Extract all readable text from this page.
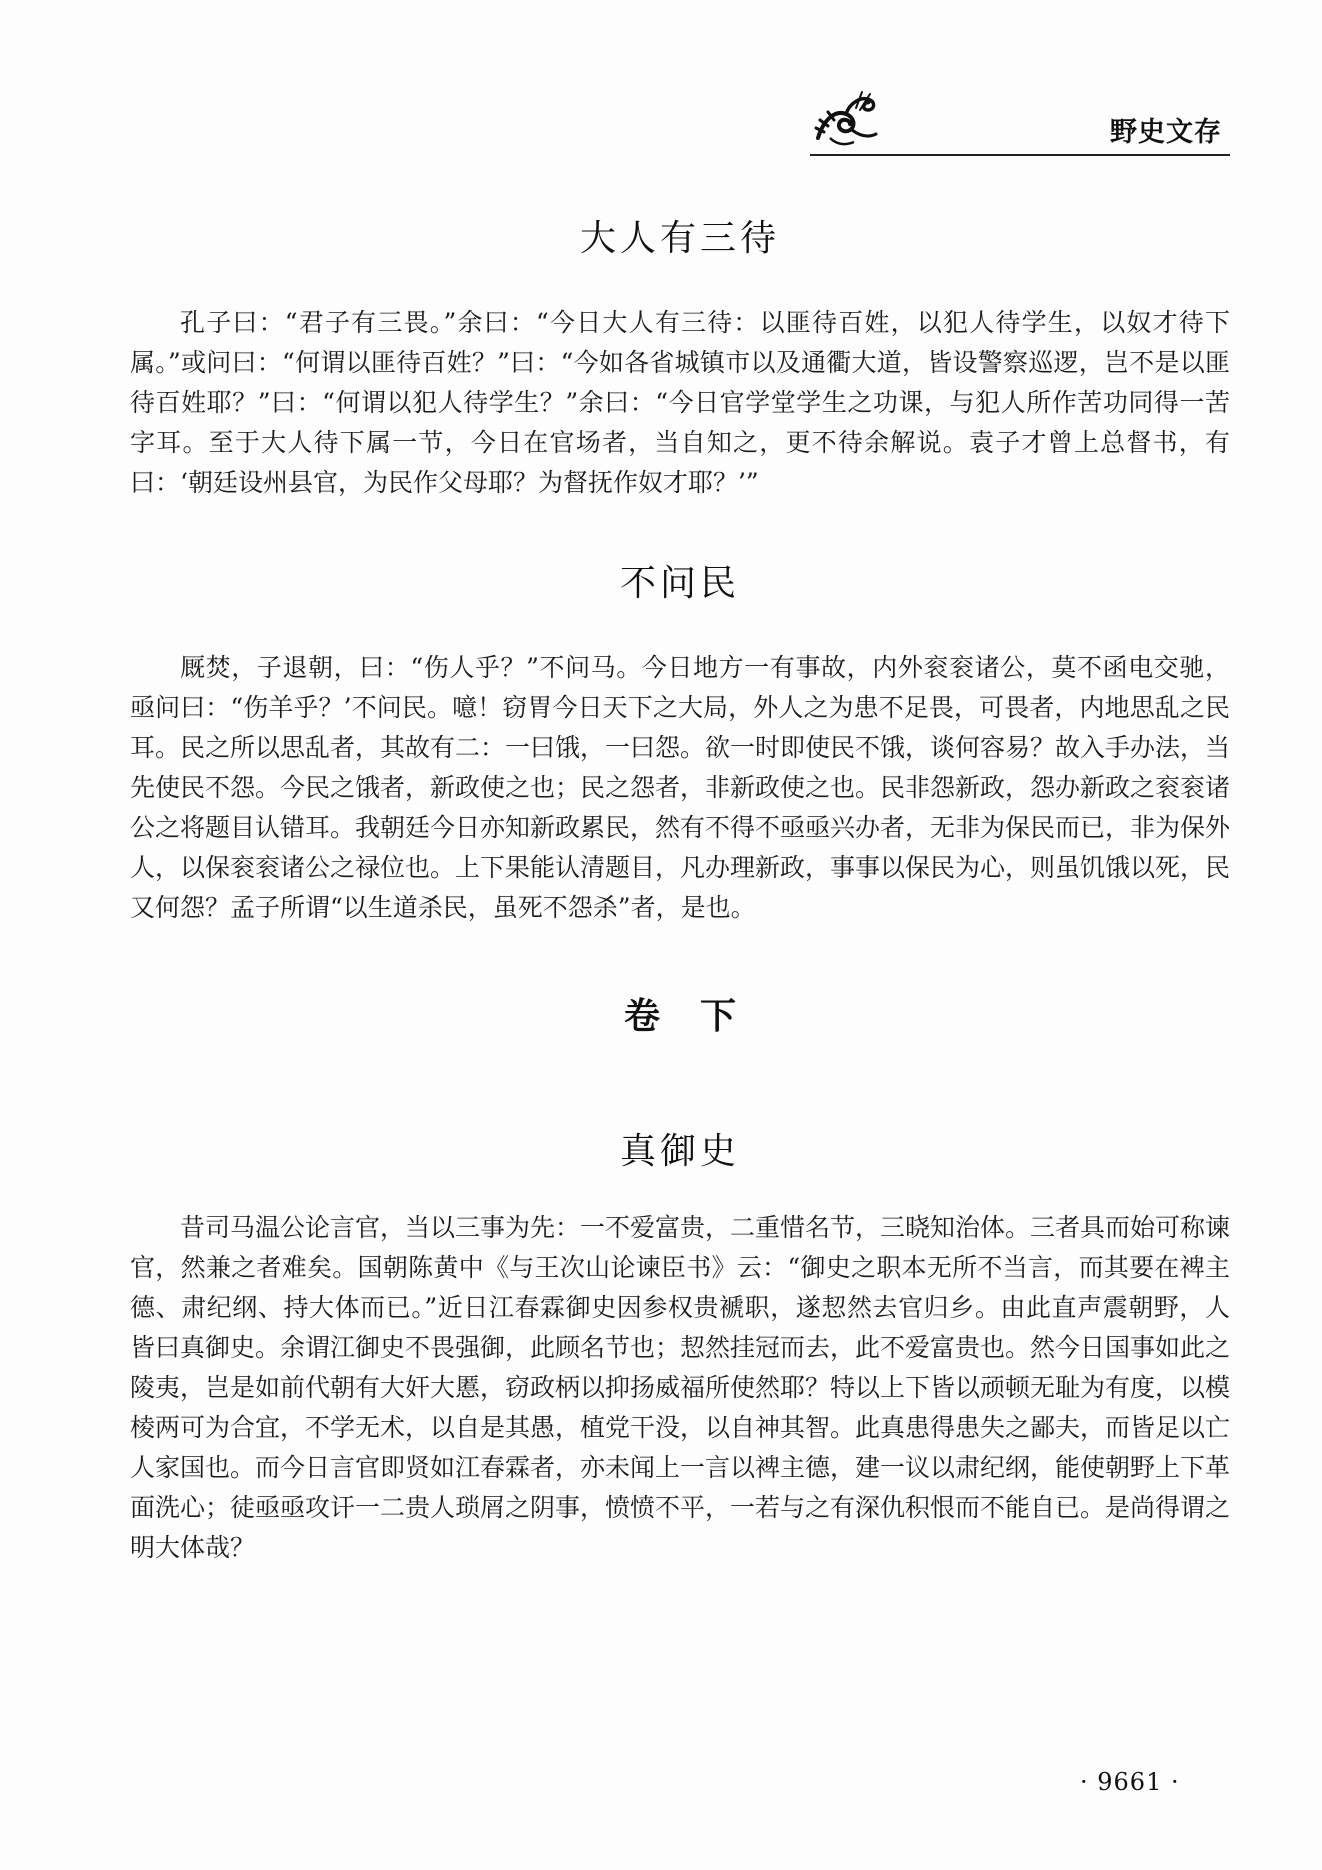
野史文存
大人有三待

孔子曰：“君子有三畏。”余曰：“今日大人有三待：以匪待百姓，以犯人待学生，以奴才待下属。”或问曰：“何谓以匪待百姓？”曰：“今如各省城镇市以及通衢大道，皆设警察巡逻，岂不是以匪待百姓耶？”曰：“何谓以犯人待学生？”余曰：“今日官学堂学生之功课，与犯人所作苦功同得一苦字耳。至于大人待下属一节，今日在官场者，当自知之，更不待余解说。袁子才曾上总督书，有曰：‘朝廷设州县官，为民作父母耶？为督抚作奴才耶？’”

不问民

厩焚，子退朝，曰：“伤人乎？”不问马。今日地方一有事故，内外衮衮诸公，莫不函电交驰，亟问曰：“伤羊乎？’不问民。噫！窃胃今日天下之大局，外人之为患不足畏，可畏者，内地思乱之民耳。民之所以思乱者，其故有二：一曰饿，一曰怨。欲一时即使民不饿，谈何容易？故入手办法，当先使民不怨。今民之饿者，新政使之也；民之怨者，非新政使之也。民非怨新政，怨办新政之衮衮诸公之将题目认错耳。我朝廷今日亦知新政累民，然有不得不亟亟兴办者，无非为保民而已，非为保外人，以保衮衮诸公之禄位也。上下果能认清题目，凡办理新政，事事以保民为心，则虽饥饿以死，民又何怨？孟子所谓“以生道杀民，虽死不怨杀”者，是也。

卷下
真御史

昔司马温公论言官，当以三事为先：一不爱富贵，二重惜名节，三晓知治体。三者具而始可称谏官，然兼之者难矣。国朝陈黄中《与王次山论谏臣书》云：“御史之职本无所不当言，而其要在裨主德、肃纪纲、持大体而已。”近日江春霖御史因参权贵褫职，遂恝然去官归乡。由此直声震朝野，人皆曰真御史。余谓江御史不畏强御，此顾名节也；恝然挂冠而去，此不爱富贵也。然今日国事如此之陵夷，岂是如前代朝有大奸大慝，窃政柄以抑扬威福所使然耶？特以上下皆以顽顿无耻为有度，以模棱两可为合宜，不学无术，以自是其愚，植党干没，以自神其智。此真患得患失之鄙夫，而皆足以亡人家国也。而今日言官即贤如江春霖者，亦未闻上一言以裨主德，建一议以肃纪纲，能使朝野上下革面洗心；徒亟亟攻讦一二贵人琐屑之阴事，愤愤不平，一若与之有深仇积恨而不能自已。是尚得谓之明大体哉？

· 9661 ·
